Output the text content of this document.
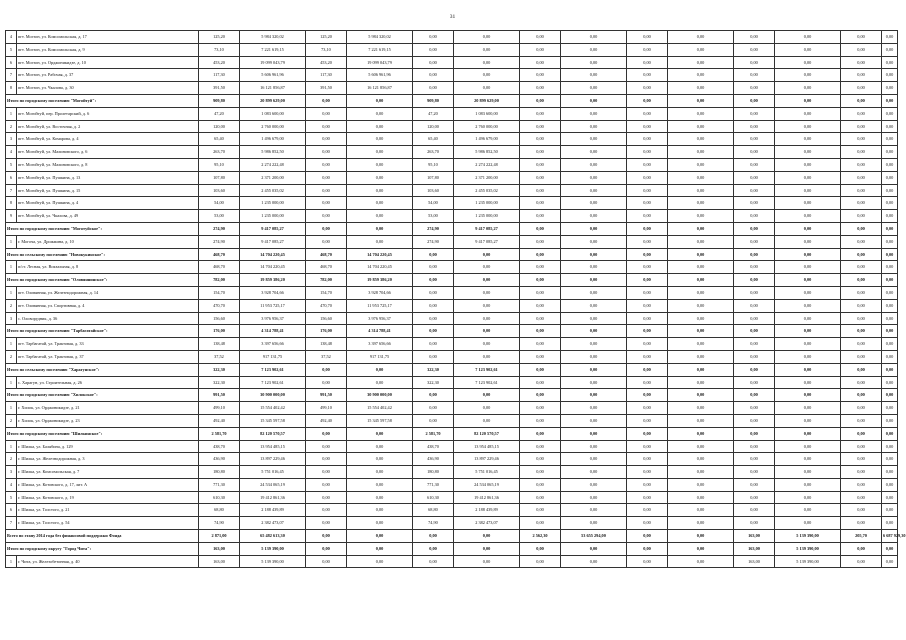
31
4	пгт. Могзон, ул. Комсомольская, д. 17	125,20	5 984 320,02	125,20	5 984 320,02	0,00	0,00	0,00	0,00	0,00	0,00	0,00	0,00	0,00	0,00	
5	пгт. Могзон, ул. Комсомольская, д. 9	73,10	7 221 619,15	73,10	7 221 619,15	0,00	0,00	0,00	0,00	0,00	0,00	0,00	0,00	0,00	0,00	
6	пгт. Могзон, ул. Орджоникидзе, д. 10	453,20	19 099 043,79	453,20	19 099 043,79	0,00	0,00	0,00	0,00	0,00	0,00	0,00	0,00	0,00	0,00	
7	пгт. Могзон, ул. Рабочая, д. 37	117,30	5 606 961,96	117,30	5 606 961,96	0,00	0,00	0,00	0,00	0,00	0,00	0,00	0,00	0,00	0,00	
8	пгт. Могзон, ул. Чкалова, д. 30	391,50	16 121 856,87	391,50	16 121 856,87	0,00	0,00	0,00	0,00	0,00	0,00	0,00	0,00	0,00	0,00	
Итого по городскому поселению "Могойтуй":		909,80	20 899 629,00	0,00	0,00	909,80	20 899 629,00	0,00	0,00	0,00	0,00	0,00	0,00	0,00	0,00	
1	пгт. Могойтуй, пер. Пролетарский, д. 6	47,20	1 083 600,00	0,00	0,00	47,20	1 083 600,00	0,00	0,00	0,00	0,00	0,00	0,00	0,00	0,00	
2	пгт. Могойтуй, ул. Восточная, д. 2	120,00	2 760 000,00	0,00	0,00	120,00	2 760 000,00	0,00	0,00	0,00	0,00	0,00	0,00	0,00	0,00	
3	пгт. Могойтуй, ул. Комарова, д. 4	65,40	1 496 679,00	0,00	0,00	65,40	1 496 679,00	0,00	0,00	0,00	0,00	0,00	0,00	0,00	0,00	
4	пгт. Могойтуй, ул. Малиновского, д. 6	263,70	5 986 852,50	0,00	0,00	263,70	5 986 852,50	0,00	0,00	0,00	0,00	0,00	0,00	0,00	0,00	
5	пгт. Могойтуй, ул. Малиновского, д. 8	95,10	2 274 222,48	0,00	0,00	95,10	2 274 222,48	0,00	0,00	0,00	0,00	0,00	0,00	0,00	0,00	
6	пгт. Могойтуй, ул. Пушкина, д. 13	107,80	2 371 200,00	0,00	0,00	107,80	2 371 200,00	0,00	0,00	0,00	0,00	0,00	0,00	0,00	0,00	
7	пгт. Могойтуй, ул. Пушкина, д. 15	103,60	2 455 035,02	0,00	0,00	103,60	2 455 035,02	0,00	0,00	0,00	0,00	0,00	0,00	0,00	0,00	
8	пгт. Могойтуй, ул. Пушкина, д. 4	54,00	1 235 000,00	0,00	0,00	54,00	1 235 000,00	0,00	0,00	0,00	0,00	0,00	0,00	0,00	0,00	
9	пгт. Могойтуй, ул. Чкалова, д. 49	53,00	1 235 000,00	0,00	0,00	53,00	1 235 000,00	0,00	0,00	0,00	0,00	0,00	0,00	0,00	0,00	
Итого по городскому поселению "Моготуйское":		274,90	9 417 085,27	0,00	0,00	274,90	9 417 085,27	0,00	0,00	0,00	0,00	0,00	0,00	0,00	0,00	
1	г. Могоча, ул. Дрожжина, д. 10	274,90	9 417 085,27	0,00	0,00	274,90	9 417 085,27	0,00	0,00	0,00	0,00	0,00	0,00	0,00	0,00	
Итого по сельскому поселению "Новокукинское":		468,70	14 704 220,45	468,70	14 704 220,45	0,00	0,00	0,00	0,00	0,00	0,00	0,00	0,00	0,00	0,00	
1	п/ст. Лесная, ул. Вокзальная, д. 8	468,70	14 704 220,45	468,70	14 704 220,45	0,00	0,00	0,00	0,00	0,00	0,00	0,00	0,00	0,00	0,00	
Итого по городскому поселению "Оловяннинское":		782,00	19 859 386,20	782,00	19 859 386,20	0,00	0,00	0,00	0,00	0,00	0,00	0,00	0,00	0,00	0,00	
1	пгт. Оловянная, ул. Железнодорожная, д. 14	154,70	3 928 704,66	154,70	3 928 704,66	0,00	0,00	0,00	0,00	0,00	0,00	0,00	0,00	0,00	0,00	
2	пгт. Оловянная, ул. Спортивная, д. 4	470,70	11 953 725,17	470,70	11 953 725,17	0,00	0,00	0,00	0,00	0,00	0,00	0,00	0,00	0,00	0,00	
3	с. Оловорудник, д. 36	156,60	3 976 956,37	156,60	3 976 956,37	0,00	0,00	0,00	0,00	0,00	0,00	0,00	0,00	0,00	0,00	
Итого по городскому поселению "Тарбагатайское":		176,00	4 314 788,41	176,00	4 314 788,41	0,00	0,00	0,00	0,00	0,00	0,00	0,00	0,00	0,00	0,00	
1	пгт. Тарбагатай, ул. Трактовая, д. 33	138,48	3 397 656,66	138,48	3 397 656,66	0,00	0,00	0,00	0,00	0,00	0,00	0,00	0,00	0,00	0,00	
2	пгт. Тарбагатай, ул. Трактовая, д. 37	37,52	917 131,75	37,52	917 131,75	0,00	0,00	0,00	0,00	0,00	0,00	0,00	0,00	0,00	0,00	
Итого по сельскому поселению "Харагунское":		322,30	7 123 902,61	0,00	0,00	322,30	7 123 902,61	0,00	0,00	0,00	0,00	0,00	0,00	0,00	0,00	
1	с. Харагун, ул. Строительная, д. 26	322,30	7 123 902,61	0,00	0,00	322,30	7 123 902,61	0,00	0,00	0,00	0,00	0,00	0,00	0,00	0,00	
Итого по городскому поселению "Хилокское":		991,50	30 900 000,00	991,50	30 900 000,00	0,00	0,00	0,00	0,00	0,00	0,00	0,00	0,00	0,00	0,00	
1	г. Хилок, ул. Орджоникидзе, д. 21	499,10	15 554 402,42	499,10	15 554 402,42	0,00	0,00	0,00	0,00	0,00	0,00	0,00	0,00	0,00	0,00	
2	г. Хилок, ул. Орджоникидзе, д. 23	492,40	15 345 597,58	492,40	15 345 597,58	0,00	0,00	0,00	0,00	0,00	0,00	0,00	0,00	0,00	0,00	
Итого по городскому поселению "Шилкинское":		2 581,70	82 120 570,57	0,00	0,00	2 581,70	82 120 570,57	0,00	0,00	0,00	0,00	0,00	0,00	0,00	0,00	
1	г. Шилка, ул. Балябина, д. 129	438,70	13 954 485,15	0,00	0,00	438,70	13 954 485,15	0,00	0,00	0,00	0,00	0,00	0,00	0,00	0,00	
2	г. Шилка, ул. Железнодорожная, д. 3	436,90	13 897 229,46	0,00	0,00	436,90	13 897 229,46	0,00	0,00	0,00	0,00	0,00	0,00	0,00	0,00	
3	г. Шилка, ул. Комсомольская, д. 7	180,80	5 751 016,45	0,00	0,00	180,80	5 751 016,45	0,00	0,00	0,00	0,00	0,00	0,00	0,00	0,00	
4	г. Шилка, ул. Котовского, д. 17, лит. А	771,30	24 534 065,19	0,00	0,00	771,30	24 534 065,19	0,00	0,00	0,00	0,00	0,00	0,00	0,00	0,00	
5	г. Шилка, ул. Котовского, д. 19	610,30	19 412 861,36	0,00	0,00	610,30	19 412 861,36	0,00	0,00	0,00	0,00	0,00	0,00	0,00	0,00	
6	г. Шилка, ул. Толстого, д. 21	68,80	2 188 439,89	0,00	0,00	68,80	2 188 439,89	0,00	0,00	0,00	0,00	0,00	0,00	0,00	0,00	
7	г. Шилка, ул. Толстого, д. 54	74,90	2 382 473,07	0,00	0,00	74,90	2 382 473,07	0,00	0,00	0,00	0,00	0,00	0,00	0,00	0,00	
Всего по этапу 2014 года без финансовой поддержки Фонда		2 871,00	65 482 613,30	0,00	0,00	0,00	0,00	2 562,30	53 655 294,00	0,00	0,00	163,00	5 139 390,00	205,70	6 687 929,30	
Итого по городскому округу "Город Чита":		163,00	5 139 390,00	0,00	0,00	0,00	0,00	0,00	0,00	0,00	0,00	163,00	5 139 390,00	0,00	0,00	
1	г. Чита, ул. Железобетонная, д. 40	163,00	5 139 390,00	0,00	0,00	0,00	0,00	0,00	0,00	0,00	0,00	163,00	5 139 390,00	0,00	0,00	
